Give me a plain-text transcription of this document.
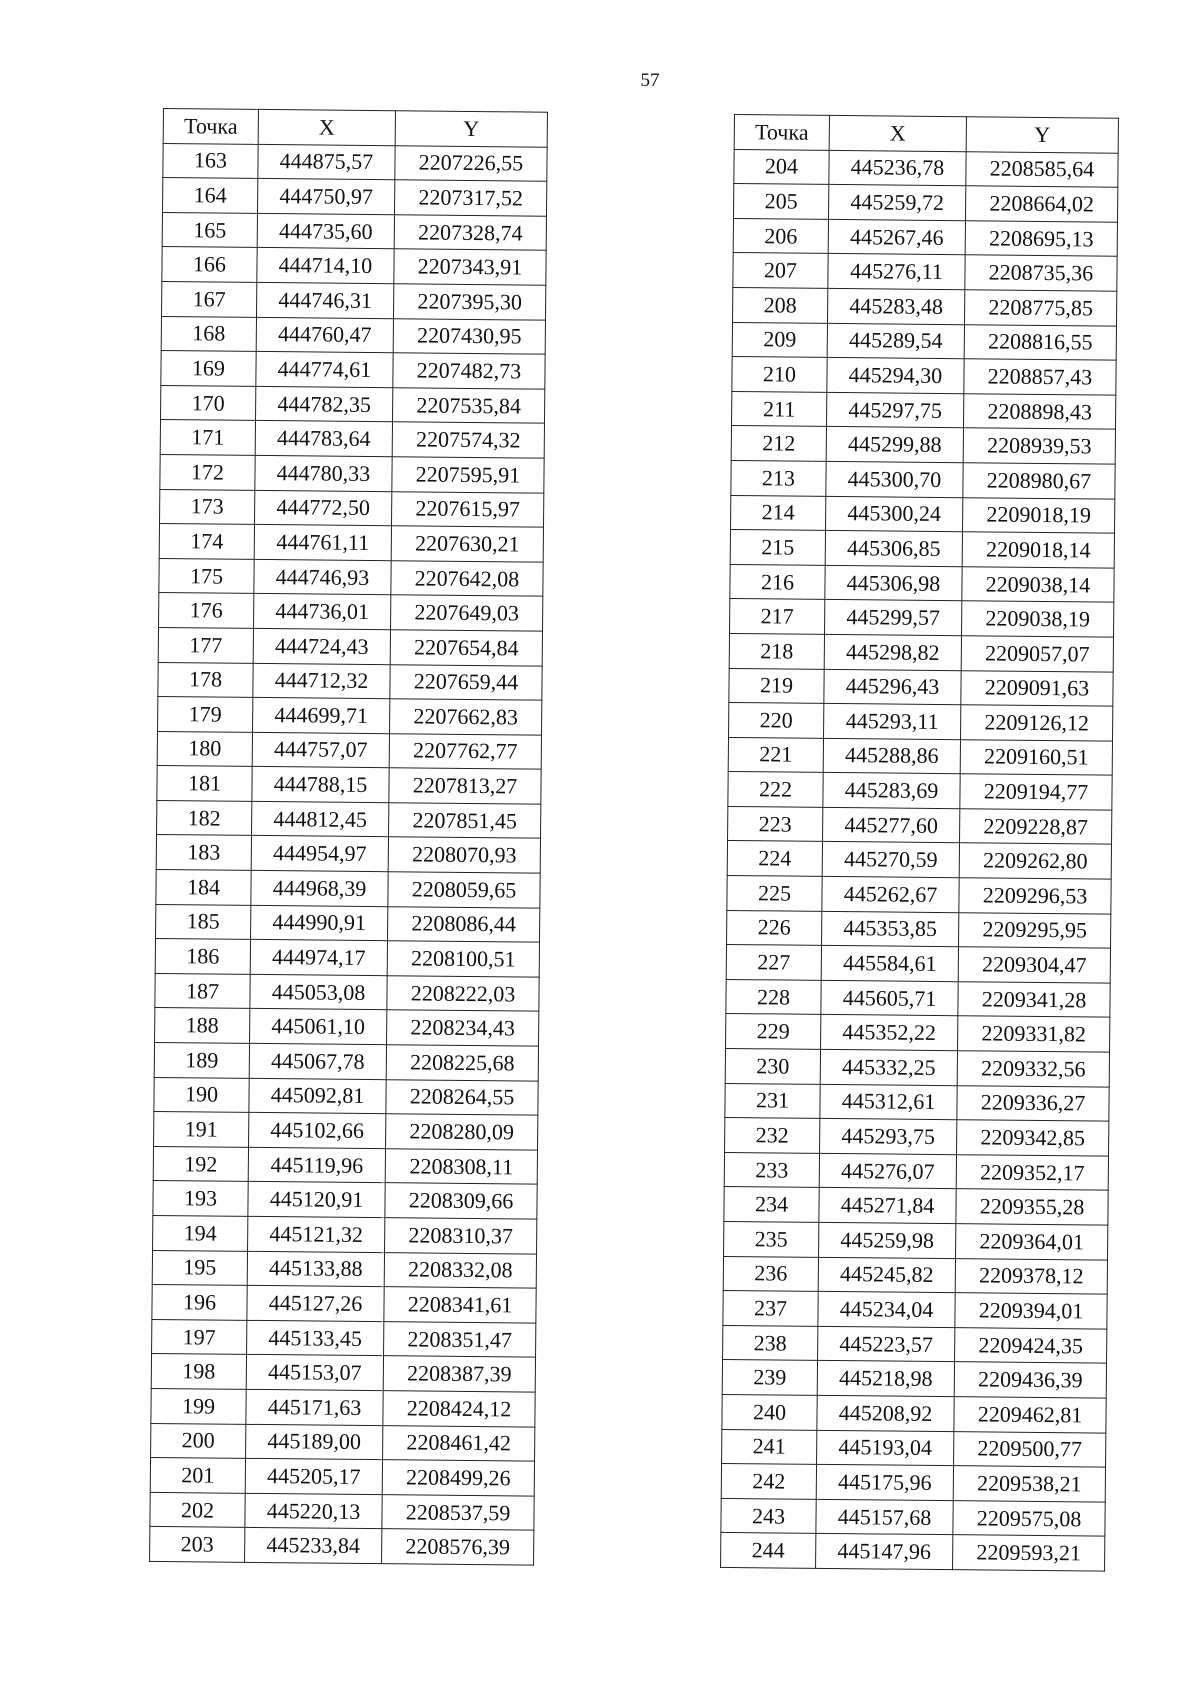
57
Точка	X	Y
163	444875,57	2207226,55
164	444750,97	2207317,52
165	444735,60	2207328,74
166	444714,10	2207343,91
167	444746,31	2207395,30
168	444760,47	2207430,95
169	444774,61	2207482,73
170	444782,35	2207535,84
171	444783,64	2207574,32
172	444780,33	2207595,91
173	444772,50	2207615,97
174	444761,11	2207630,21
175	444746,93	2207642,08
176	444736,01	2207649,03
177	444724,43	2207654,84
178	444712,32	2207659,44
179	444699,71	2207662,83
180	444757,07	2207762,77
181	444788,15	2207813,27
182	444812,45	2207851,45
183	444954,97	2208070,93
184	444968,39	2208059,65
185	444990,91	2208086,44
186	444974,17	2208100,51
187	445053,08	2208222,03
188	445061,10	2208234,43
189	445067,78	2208225,68
190	445092,81	2208264,55
191	445102,66	2208280,09
192	445119,96	2208308,11
193	445120,91	2208309,66
194	445121,32	2208310,37
195	445133,88	2208332,08
196	445127,26	2208341,61
197	445133,45	2208351,47
198	445153,07	2208387,39
199	445171,63	2208424,12
200	445189,00	2208461,42
201	445205,17	2208499,26
202	445220,13	2208537,59
203	445233,84	2208576,39
Точка	X	Y
204	445236,78	2208585,64
205	445259,72	2208664,02
206	445267,46	2208695,13
207	445276,11	2208735,36
208	445283,48	2208775,85
209	445289,54	2208816,55
210	445294,30	2208857,43
211	445297,75	2208898,43
212	445299,88	2208939,53
213	445300,70	2208980,67
214	445300,24	2209018,19
215	445306,85	2209018,14
216	445306,98	2209038,14
217	445299,57	2209038,19
218	445298,82	2209057,07
219	445296,43	2209091,63
220	445293,11	2209126,12
221	445288,86	2209160,51
222	445283,69	2209194,77
223	445277,60	2209228,87
224	445270,59	2209262,80
225	445262,67	2209296,53
226	445353,85	2209295,95
227	445584,61	2209304,47
228	445605,71	2209341,28
229	445352,22	2209331,82
230	445332,25	2209332,56
231	445312,61	2209336,27
232	445293,75	2209342,85
233	445276,07	2209352,17
234	445271,84	2209355,28
235	445259,98	2209364,01
236	445245,82	2209378,12
237	445234,04	2209394,01
238	445223,57	2209424,35
239	445218,98	2209436,39
240	445208,92	2209462,81
241	445193,04	2209500,77
242	445175,96	2209538,21
243	445157,68	2209575,08
244	445147,96	2209593,21
